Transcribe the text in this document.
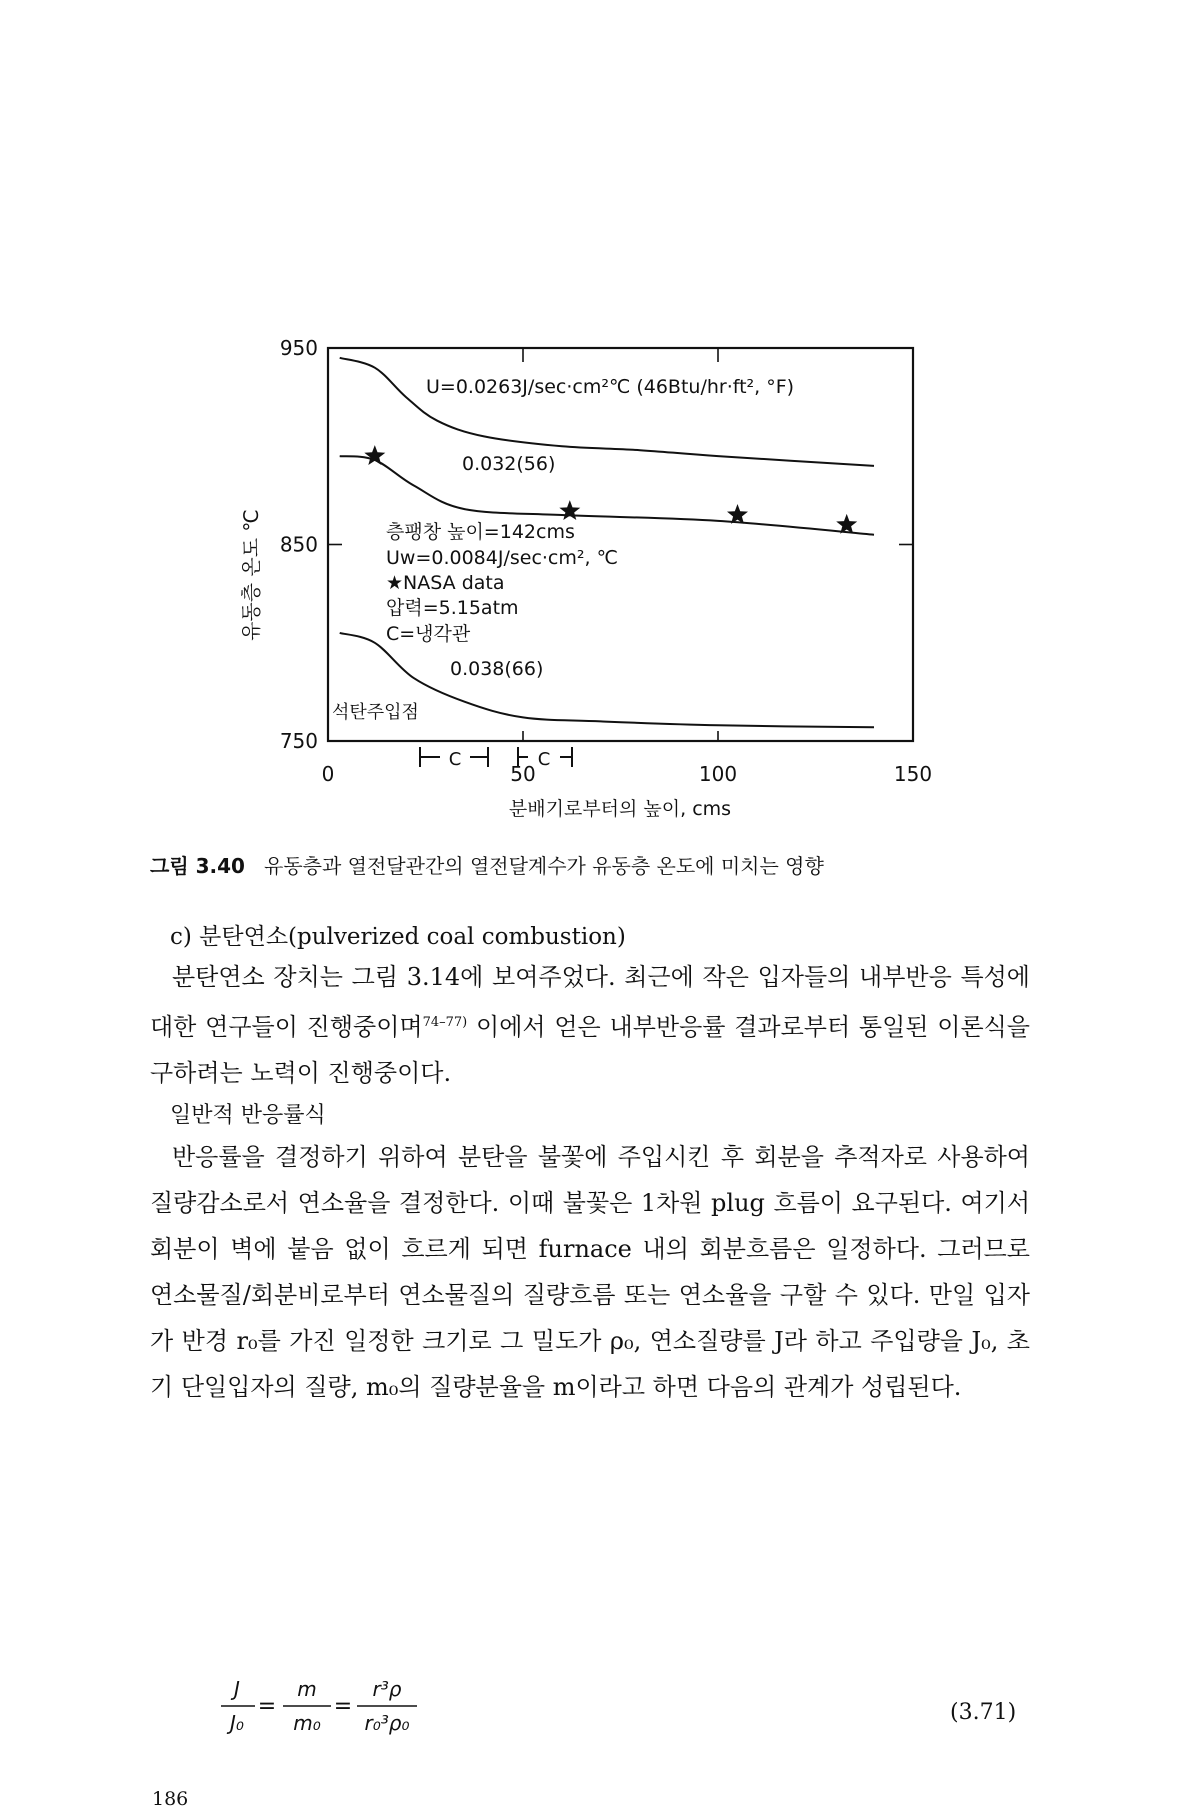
750
850
950
0	50	100	150
분배기로부터의 높이, cms
유동층 온도 ℃
U=0.0263J/sec·cm²℃ (46Btu/hr·ft², °F)
0.032(56)
층팽창 높이=142cms
Uw=0.0084J/sec·cm², ℃
★NASA data
압력=5.15atm
C=냉각관
0.038(66)
석탄주입점
C	C
그림 3.40 유동층과 열전달관간의 열전달계수가 유동층 온도에 미치는 영향
c) 분탄연소(pulverized coal combustion)
분탄연소 장치는 그림 3.14에 보여주었다. 최근에 작은 입자들의 내부반응 특성에 대한 연구들이 진행중이며$^{74-77)}$ 이에서 얻은 내부반응률 결과로부터 통일된 이론식을 구하려는 노력이 진행중이다.
일반적 반응률식
반응률을 결정하기 위하여 분탄을 불꽃에 주입시킨 후 회분을 추적자로 사용하여 질량감소로서 연소율을 결정한다. 이때 불꽃은 1차원 plug 흐름이 요구된다. 여기서 회분이 벽에 붙음 없이 흐르게 되면 furnace 내의 회분흐름은 일정하다. 그러므로 연소물질/회분비로부터 연소물질의 질량흐름 또는 연소율을 구할 수 있다. 만일 입자가 반경 r₀를 가진 일정한 크기로 그 밀도가 ρ₀, 연소질량를 J라 하고 주입량을 J₀, 초기 단일입자의 질량, m₀의 질량분율을 m이라고 하면 다음의 관계가 성립된다.
J
J₀
=
m
m₀
=
r³ρ
r₀³ρ₀	(3.71)
186
